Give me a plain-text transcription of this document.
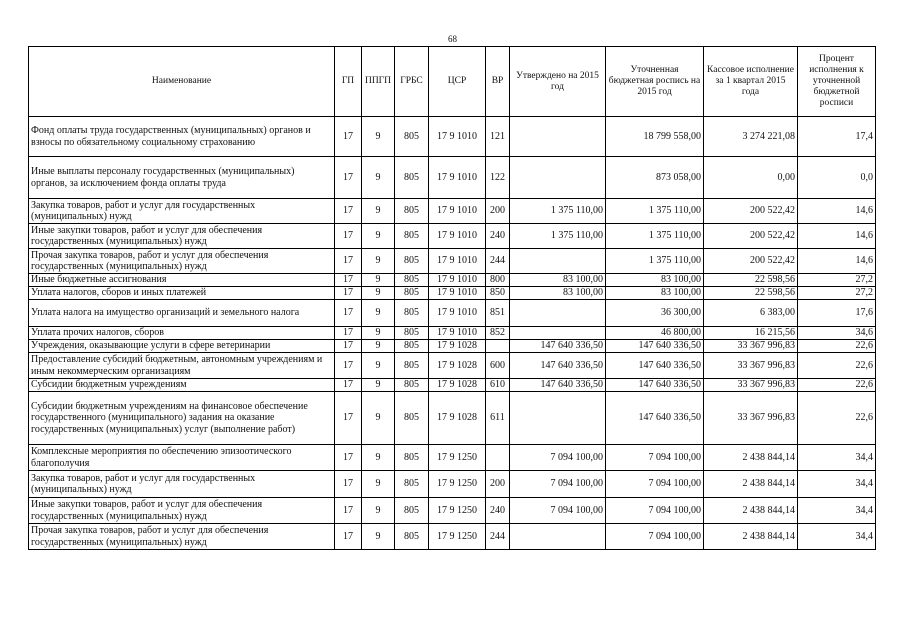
68
Наименование	ГП	ППГП	ГРБС	ЦСР	ВР	Утверждено на 2015 год	Уточненная бюджетная роспись на 2015 год	Кассовое исполнение за 1 квартал 2015 года	Процент исполнения к уточненной бюджетной росписи
Фонд оплаты труда государственных (муниципальных) органов и взносы по обязательному социальному страхованию	17	9	805	17 9 1010	121		18 799 558,00	3 274 221,08	17,4
Иные выплаты персоналу государственных (муниципальных) органов, за исключением фонда оплаты труда	17	9	805	17 9 1010	122		873 058,00	0,00	0,0
Закупка товаров, работ и услуг для государственных (муниципальных) нужд	17	9	805	17 9 1010	200	1 375 110,00	1 375 110,00	200 522,42	14,6
Иные закупки товаров, работ и услуг для обеспечения государственных (муниципальных) нужд	17	9	805	17 9 1010	240	1 375 110,00	1 375 110,00	200 522,42	14,6
Прочая закупка товаров, работ и услуг для обеспечения государственных (муниципальных) нужд	17	9	805	17 9 1010	244		1 375 110,00	200 522,42	14,6
Иные бюджетные ассигнования	17	9	805	17 9 1010	800	83 100,00	83 100,00	22 598,56	27,2
Уплата налогов, сборов и иных платежей	17	9	805	17 9 1010	850	83 100,00	83 100,00	22 598,56	27,2
Уплата налога на имущество организаций и земельного налога	17	9	805	17 9 1010	851		36 300,00	6 383,00	17,6
Уплата прочих налогов, сборов	17	9	805	17 9 1010	852		46 800,00	16 215,56	34,6
Учреждения, оказывающие услуги в сфере ветеринарии	17	9	805	17 9 1028		147 640 336,50	147 640 336,50	33 367 996,83	22,6
Предоставление субсидий бюджетным, автономным учреждениям и иным некоммерческим организациям	17	9	805	17 9 1028	600	147 640 336,50	147 640 336,50	33 367 996,83	22,6
Субсидии бюджетным учреждениям	17	9	805	17 9 1028	610	147 640 336,50	147 640 336,50	33 367 996,83	22,6
Субсидии бюджетным учреждениям на финансовое обеспечение государственного (муниципального) задания на оказание государственных (муниципальных) услуг (выполнение работ)	17	9	805	17 9 1028	611		147 640 336,50	33 367 996,83	22,6
Комплексные мероприятия по обеспечению эпизоотического благополучия	17	9	805	17 9 1250		7 094 100,00	7 094 100,00	2 438 844,14	34,4
Закупка товаров, работ и услуг для государственных (муниципальных) нужд	17	9	805	17 9 1250	200	7 094 100,00	7 094 100,00	2 438 844,14	34,4
Иные закупки товаров, работ и услуг для обеспечения государственных (муниципальных) нужд	17	9	805	17 9 1250	240	7 094 100,00	7 094 100,00	2 438 844,14	34,4
Прочая закупка товаров, работ и услуг для обеспечения государственных (муниципальных) нужд	17	9	805	17 9 1250	244		7 094 100,00	2 438 844,14	34,4
